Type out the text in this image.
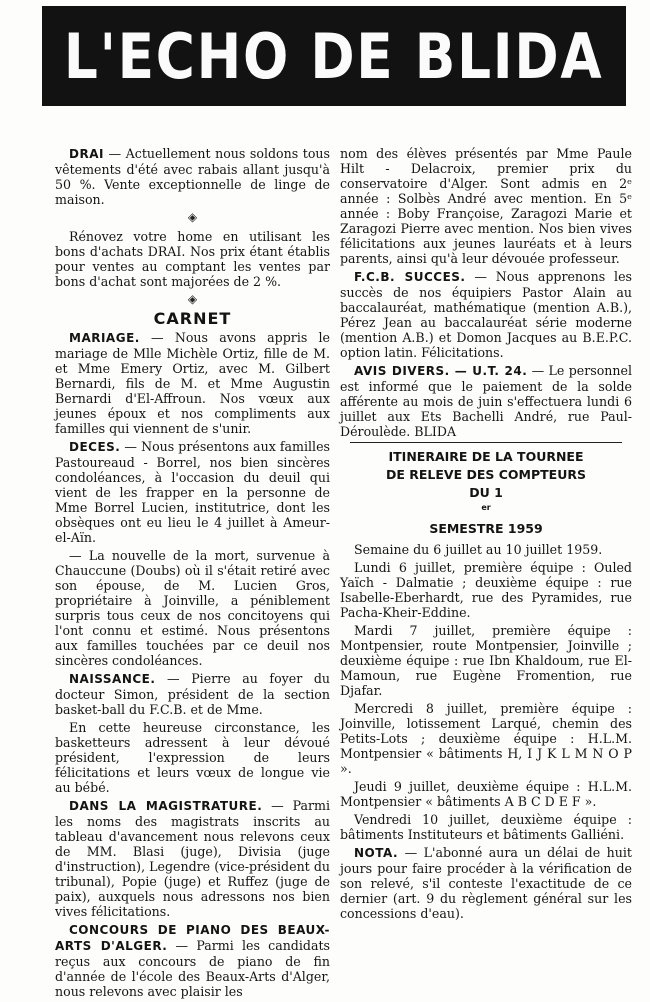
L'ECHO DE BLIDA

DRAI — Actuellement nous soldons tous vêtements d'été avec rabais allant jusqu'à 50 %. Vente exceptionnelle de linge de maison.

◈

Rénovez votre home en utilisant les bons d'achats DRAI. Nos prix étant établis pour ventes au comptant les ventes par bons d'achat sont majorées de 2 %.

◈
CARNET

MARIAGE. — Nous avons appris le mariage de Mlle Michèle Ortiz, fille de M. et Mme Emery Ortiz, avec M. Gilbert Bernardi, fils de M. et Mme Augustin Bernardi d'El-Affroun. Nos vœux aux jeunes époux et nos compliments aux familles qui viennent de s'unir.

DECES. — Nous présentons aux familles Pastoureaud - Borrel, nos bien sincères condoléances, à l'occasion du deuil qui vient de les frapper en la personne de Mme Borrel Lucien, institutrice, dont les obsèques ont eu lieu le 4 juillet à Ameur-el-Aïn.

— La nouvelle de la mort, survenue à Chauccune (Doubs) où il s'était retiré avec son épouse, de M. Lucien Gros, propriétaire à Joinville, a péniblement surpris tous ceux de nos concitoyens qui l'ont connu et estimé. Nous présentons aux familles touchées par ce deuil nos sincères condoléances.

NAISSANCE. — Pierre au foyer du docteur Simon, président de la section basket-ball du F.C.B. et de Mme.

En cette heureuse circonstance, les basketteurs adressent à leur dévoué président, l'expression de leurs félicitations et leurs vœux de longue vie au bébé.

DANS LA MAGISTRATURE. — Parmi les noms des magistrats inscrits au tableau d'avancement nous relevons ceux de MM. Blasi (juge), Divisia (juge d'instruction), Legendre (vice-président du tribunal), Popie (juge) et Ruffez (juge de paix), auxquels nous adressons nos bien vives félicitations.

CONCOURS DE PIANO DES BEAUX-ARTS D'ALGER. — Parmi les candidats reçus aux concours de piano de fin d'année de l'école des Beaux-Arts d'Alger, nous relevons avec plaisir les

nom des élèves présentés par Mme Paule Hilt - Delacroix, premier prix du conservatoire d'Alger. Sont admis en 2ᵉ année : Solbès André avec mention. En 5ᵉ année : Boby Françoise, Zaragozi Marie et Zaragozi Pierre avec mention. Nos bien vives félicitations aux jeunes lauréats et à leurs parents, ainsi qu'à leur dévouée professeur.

F.C.B. SUCCES. — Nous apprenons les succès de nos équipiers Pastor Alain au baccalauréat, mathématique (mention A.B.), Pérez Jean au baccalauréat série moderne (mention A.B.) et Domon Jacques au B.E.P.C. option latin. Félicitations.

AVIS DIVERS. — U.T. 24. — Le personnel est informé que le paiement de la solde afférente au mois de juin s'effectuera lundi 6 juillet aux Ets Bachelli André, rue Paul-Déroulède. BLIDA

ITINERAIRE DE LA TOURNEE
DE RELEVE DES COMPTEURS
DU 1
$^{er}$
SEMESTRE 1959

Semaine du 6 juillet au 10 juillet 1959.

Lundi 6 juillet, première équipe : Ouled Yaïch - Dalmatie ; deuxième équipe : rue Isabelle-Eberhardt, rue des Pyramides, rue Pacha-Kheir-Eddine.

Mardi 7 juillet, première équipe : Montpensier, route Montpensier, Joinville ; deuxième équipe : rue Ibn Khaldoum, rue El-Mamoun, rue Eugène Fromention, rue Djafar.

Mercredi 8 juillet, première équipe : Joinville, lotissement Larqué, chemin des Petits-Lots ; deuxième équipe : H.L.M. Montpensier « bâtiments H, I J K L M N O P ».

Jeudi 9 juillet, deuxième équipe : H.L.M. Montpensier « bâtiments A B C D E F ».

Vendredi 10 juillet, deuxième équipe : bâtiments Instituteurs et bâtiments Galliéni.

NOTA. — L'abonné aura un délai de huit jours pour faire procéder à la vérification de son relevé, s'il conteste l'exactitude de ce dernier (art. 9 du règlement général sur les concessions d'eau).
